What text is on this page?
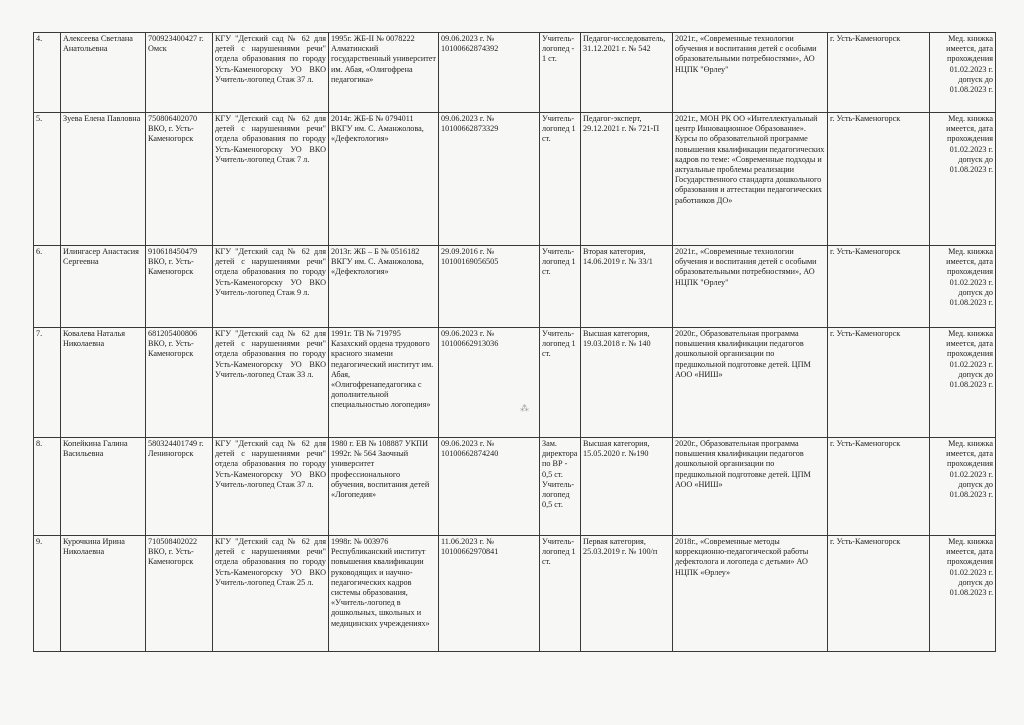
4.	Алексеева Светлана Анатольевна	700923400427 г. Омск	КГУ "Детский сад № 62 для детей с нарушениями речи" отдела образования по городу Усть-Каменогорску УО ВКО Учитель-логопед Стаж 37 л.	1995г. ЖБ-II № 0078222 Алматинский государственный университет им. Абая, «Олигофрена педагогика»	09.06.2023 г. № 10100662874392	Учитель-логопед - 1 ст.	Педагог-исследователь, 31.12.2021 г. № 542	2021г., «Современные технологии обучения и воспитания детей с особыми образовательными потребностями», АО НЦПК "Өрлеу"	г. Усть-Каменогорск	Мед. книжка имеется, дата прохождения 01.02.2023 г. допуск до 01.08.2023 г.
5.	Зуева Елена Павловна	750806402070 ВКО, г. Усть-Каменогорск	КГУ "Детский сад № 62 для детей с нарушениями речи" отдела образования по городу Усть-Каменогорску УО ВКО Учитель-логопед Стаж 7 л.	2014г. ЖБ-Б № 0794011 ВКГУ им. С. Аманжолова, «Дефектология»	09.06.2023 г. № 10100662873329	Учитель-логопед 1 ст.	Педагог-эксперт, 29.12.2021 г. № 721-П	2021г., МОН РК ОО «Интеллектуальный центр Инновационное Образование». Курсы по образовательной программе повышения квалификации педагогических кадров по теме: «Современные подходы и актуальные проблемы реализации Государственного стандарта дошкольного образования и аттестации педагогических работников ДО»	г. Усть-Каменогорск	Мед. книжка имеется, дата прохождения 01.02.2023 г. допуск до 01.08.2023 г.
6.	Илингасер Анастасия Сергеевна	910618450479 ВКО, г. Усть-Каменогорск	КГУ "Детский сад № 62 для детей с нарушениями речи" отдела образования по городу Усть-Каменогорску УО ВКО Учитель-логопед Стаж 9 л.	2013г. ЖБ – Б № 0516182 ВКГУ им. С. Аманжолова, «Дефектология»	29.09.2016 г. № 10100169056505	Учитель-логопед 1 ст.	Вторая категория, 14.06.2019 г. № 33/1	2021г., «Современные технологии обучения и воспитания детей с особыми образовательными потребностями», АО НЦПК "Өрлеу"	г. Усть-Каменогорск	Мед. книжка имеется, дата прохождения 01.02.2023 г. допуск до 01.08.2023 г.
7.	Ковалева Наталья Николаевна	681205400806 ВКО, г. Усть-Каменогорск	КГУ "Детский сад № 62 для детей с нарушениями речи" отдела образования по городу Усть-Каменогорску УО ВКО Учитель-логопед Стаж 33 л.	1991г. ТВ № 719795 Казахский ордена трудового красного знамени педагогический институт им. Абая, «Олигофренапедагогика с дополнительной специальностью логопедия»	09.06.2023 г. № 10100662913036	Учитель-логопед 1 ст.	Высшая категория, 19.03.2018 г. № 140	2020г., Образовательная программа повышения квалификации педагогов дошкольной организации по предшкольной подготовке детей. ЦПМ АОО «НИШ»	г. Усть-Каменогорск	Мед. книжка имеется, дата прохождения 01.02.2023 г. допуск до 01.08.2023 г.
8.	Копейкина Галина Васильевна	580324401749 г. Лениногорск	КГУ "Детский сад № 62 для детей с нарушениями речи" отдела образования по городу Усть-Каменогорску УО ВКО Учитель-логопед Стаж 37 л.	1980 г. ЕВ № 108887 УКПИ 1992г. № 564 Заочный университет профессионального обучения, воспитания детей «Логопедия»	09.06.2023 г. № 10100662874240	Зам. директора по ВР - 0,5 ст. Учитель-логопед 0,5 ст.	Высшая категория, 15.05.2020 г. №190	2020г., Образовательная программа повышения квалификации педагогов дошкольной организации по предшкольной подготовке детей. ЦПМ АОО «НИШ»	г. Усть-Каменогорск	Мед. книжка имеется, дата прохождения 01.02.2023 г. допуск до 01.08.2023 г.
9.	Курочкина Ирина Николаевна	710508402022 ВКО, г. Усть-Каменогорск	КГУ "Детский сад № 62 для детей с нарушениями речи" отдела образования по городу Усть-Каменогорску УО ВКО Учитель-логопед Стаж 25 л.	1998г. № 003976 Республиканский институт повышения квалификации руководящих и научно-педагогических кадров системы образования, «Учитель-логопед в дошкольных, школьных и медицинских учреждениях»	11.06.2023 г. № 10100662970841	Учитель-логопед 1 ст.	Первая категория, 25.03.2019 г. № 100/п	2018г., «Современные методы коррекционно-педагогической работы дефектолога и логопеда с детьми» АО НЦПК «Өрлеу»	г. Усть-Каменогорск	Мед. книжка имеется, дата прохождения 01.02.2023 г. допуск до 01.08.2023 г.
⁂
